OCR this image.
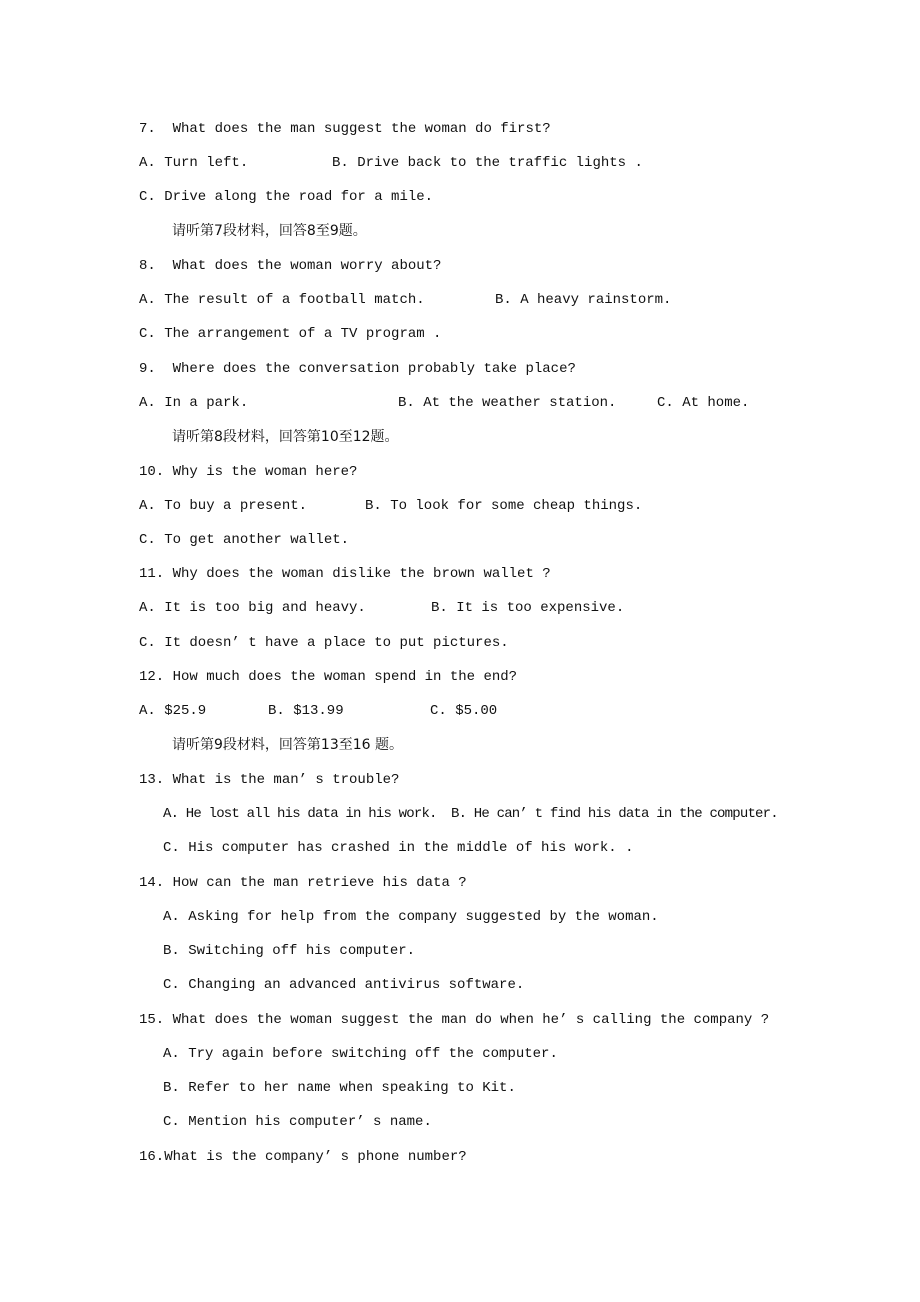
7.  What does the man suggest the woman do first?
A. Turn left.	B. Drive back to the traffic lights .
C. Drive along the road for a mile.
请听第7段材料，回答8至9题。
8.  What does the woman worry about?
A. The result of a football match.	B. A heavy rainstorm.
C. The arrangement of a TV program .
9.  Where does the conversation probably take place?
A. In a park.	B. At the weather station.	C. At home.
请听第8段材料，回答第10至12题。
10. Why is the woman here?
A. To buy a present.	B. To look for some cheap things.
C. To get another wallet.
11. Why does the woman dislike the brown wallet ?
A. It is too big and heavy.	B. It is too expensive.
C. It doesn’ t have a place to put pictures.
12. How much does the woman spend in the end?
A. $25.9	B. $13.99	C. $5.00
请听第9段材料，回答第13至16 题。
13. What is the man’ s trouble?
A. He lost all his data in his work. B. He can’ t find his data in the computer.
C. His computer has crashed in the middle of his work. .
14. How can the man retrieve his data ?
A. Asking for help from the company suggested by the woman.
B. Switching off his computer.
C. Changing an advanced antivirus software.
15. What does the woman suggest the man do when he’ s calling the company ?
A. Try again before switching off the computer.
B. Refer to her name when speaking to Kit.
C. Mention his computer’ s name.
16.What is the company’ s phone number?
